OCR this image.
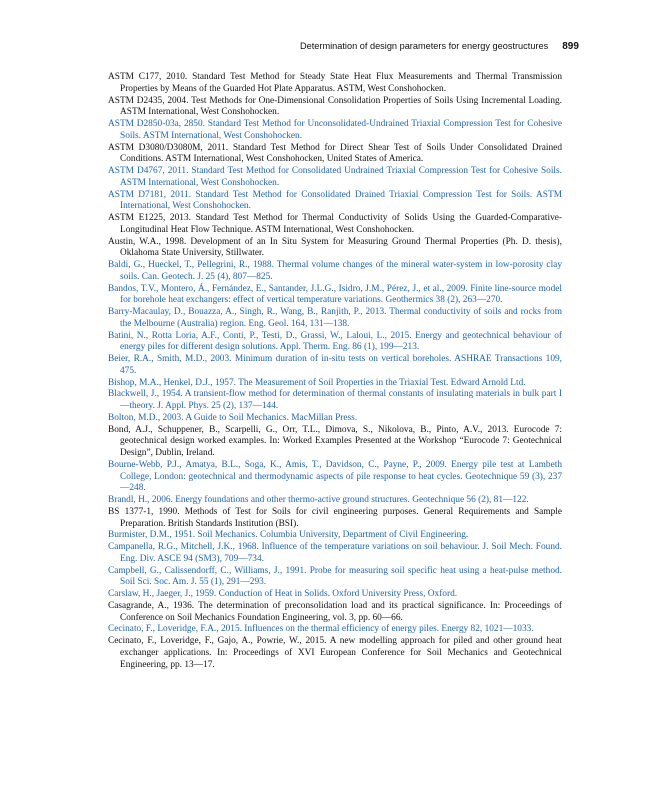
Determination of design parameters for energy geostructures 899
ASTM C177, 2010. Standard Test Method for Steady State Heat Flux Measurements and Thermal Transmission Properties by Means of the Guarded Hot Plate Apparatus. ASTM, West Conshohocken.
ASTM D2435, 2004. Test Methods for One-Dimensional Consolidation Properties of Soils Using Incremental Loading. ASTM International, West Conshohocken.
ASTM D2850-03a, 2850. Standard Test Method for Unconsolidated-Undrained Triaxial Compression Test for Cohesive Soils. ASTM International, West Conshohocken.
ASTM D3080/D3080M, 2011. Standard Test Method for Direct Shear Test of Soils Under Consolidated Drained Conditions. ASTM International, West Conshohocken, United States of America.
ASTM D4767, 2011. Standard Test Method for Consolidated Undrained Triaxial Compression Test for Cohesive Soils. ASTM International, West Conshohocken.
ASTM D7181, 2011. Standard Test Method for Consolidated Drained Triaxial Compression Test for Soils. ASTM International, West Conshohocken.
ASTM E1225, 2013. Standard Test Method for Thermal Conductivity of Solids Using the Guarded-Comparative-Longitudinal Heat Flow Technique. ASTM International, West Conshohocken.
Austin, W.A., 1998. Development of an In Situ System for Measuring Ground Thermal Properties (Ph. D. thesis), Oklahoma State University, Stillwater.
Baldi, G., Hueckel, T., Pellegrini, R., 1988. Thermal volume changes of the mineral water-system in low-porosity clay soils. Can. Geotech. J. 25 (4), 807—825.
Bandos, T.V., Montero, Á., Fernández, E., Santander, J.L.G., Isidro, J.M., Pérez, J., et al., 2009. Finite line-source model for borehole heat exchangers: effect of vertical temperature variations. Geothermics 38 (2), 263—270.
Barry-Macaulay, D., Bouazza, A., Singh, R., Wang, B., Ranjith, P., 2013. Thermal conductivity of soils and rocks from the Melbourne (Australia) region. Eng. Geol. 164, 131—138.
Batini, N., Rotta Loria, A.F., Conti, P., Testi, D., Grassi, W., Laloui, L., 2015. Energy and geotechnical behaviour of energy piles for different design solutions. Appl. Therm. Eng. 86 (1), 199—213.
Beier, R.A., Smith, M.D., 2003. Minimum duration of in-situ tests on vertical boreholes. ASHRAE Transactions 109, 475.
Bishop, M.A., Henkel, D.J., 1957. The Measurement of Soil Properties in the Triaxial Test. Edward Arnold Ltd.
Blackwell, J., 1954. A transient-flow method for determination of thermal constants of insulating materials in bulk part I—theory. J. Appl. Phys. 25 (2), 137—144.
Bolton, M.D., 2003. A Guide to Soil Mechanics. MacMillan Press.
Bond, A.J., Schuppener, B., Scarpelli, G., Orr, T.L., Dimova, S., Nikolova, B., Pinto, A.V., 2013. Eurocode 7: geotechnical design worked examples. In: Worked Examples Presented at the Workshop “Eurocode 7: Geotechnical Design”, Dublin, Ireland.
Bourne-Webb, P.J., Amatya, B.L., Soga, K., Amis, T., Davidson, C., Payne, P., 2009. Energy pile test at Lambeth College, London: geotechnical and thermodynamic aspects of pile response to heat cycles. Geotechnique 59 (3), 237—248.
Brandl, H., 2006. Energy foundations and other thermo-active ground structures. Geotechnique 56 (2), 81—122.
BS 1377-1, 1990. Methods of Test for Soils for civil engineering purposes. General Requirements and Sample Preparation. British Standards Institution (BSI).
Burmister, D.M., 1951. Soil Mechanics. Columbia University, Department of Civil Engineering.
Campanella, R.G., Mitchell, J.K., 1968. Influence of the temperature variations on soil behaviour. J. Soil Mech. Found. Eng. Div. ASCE 94 (SM3), 709—734.
Campbell, G., Calissendorff, C., Williams, J., 1991. Probe for measuring soil specific heat using a heat-pulse method. Soil Sci. Soc. Am. J. 55 (1), 291—293.
Carslaw, H., Jaeger, J., 1959. Conduction of Heat in Solids. Oxford University Press, Oxford.
Casagrande, A., 1936. The determination of preconsolidation load and its practical significance. In: Proceedings of Conference on Soil Mechanics Foundation Engineering, vol. 3, pp. 60—66.
Cecinato, F., Loveridge, F.A., 2015. Influences on the thermal efficiency of energy piles. Energy 82, 1021—1033.
Cecinato, F., Loveridge, F., Gajo, A., Powrie, W., 2015. A new modelling approach for piled and other ground heat exchanger applications. In: Proceedings of XVI European Conference for Soil Mechanics and Geotechnical Engineering, pp. 13—17.
